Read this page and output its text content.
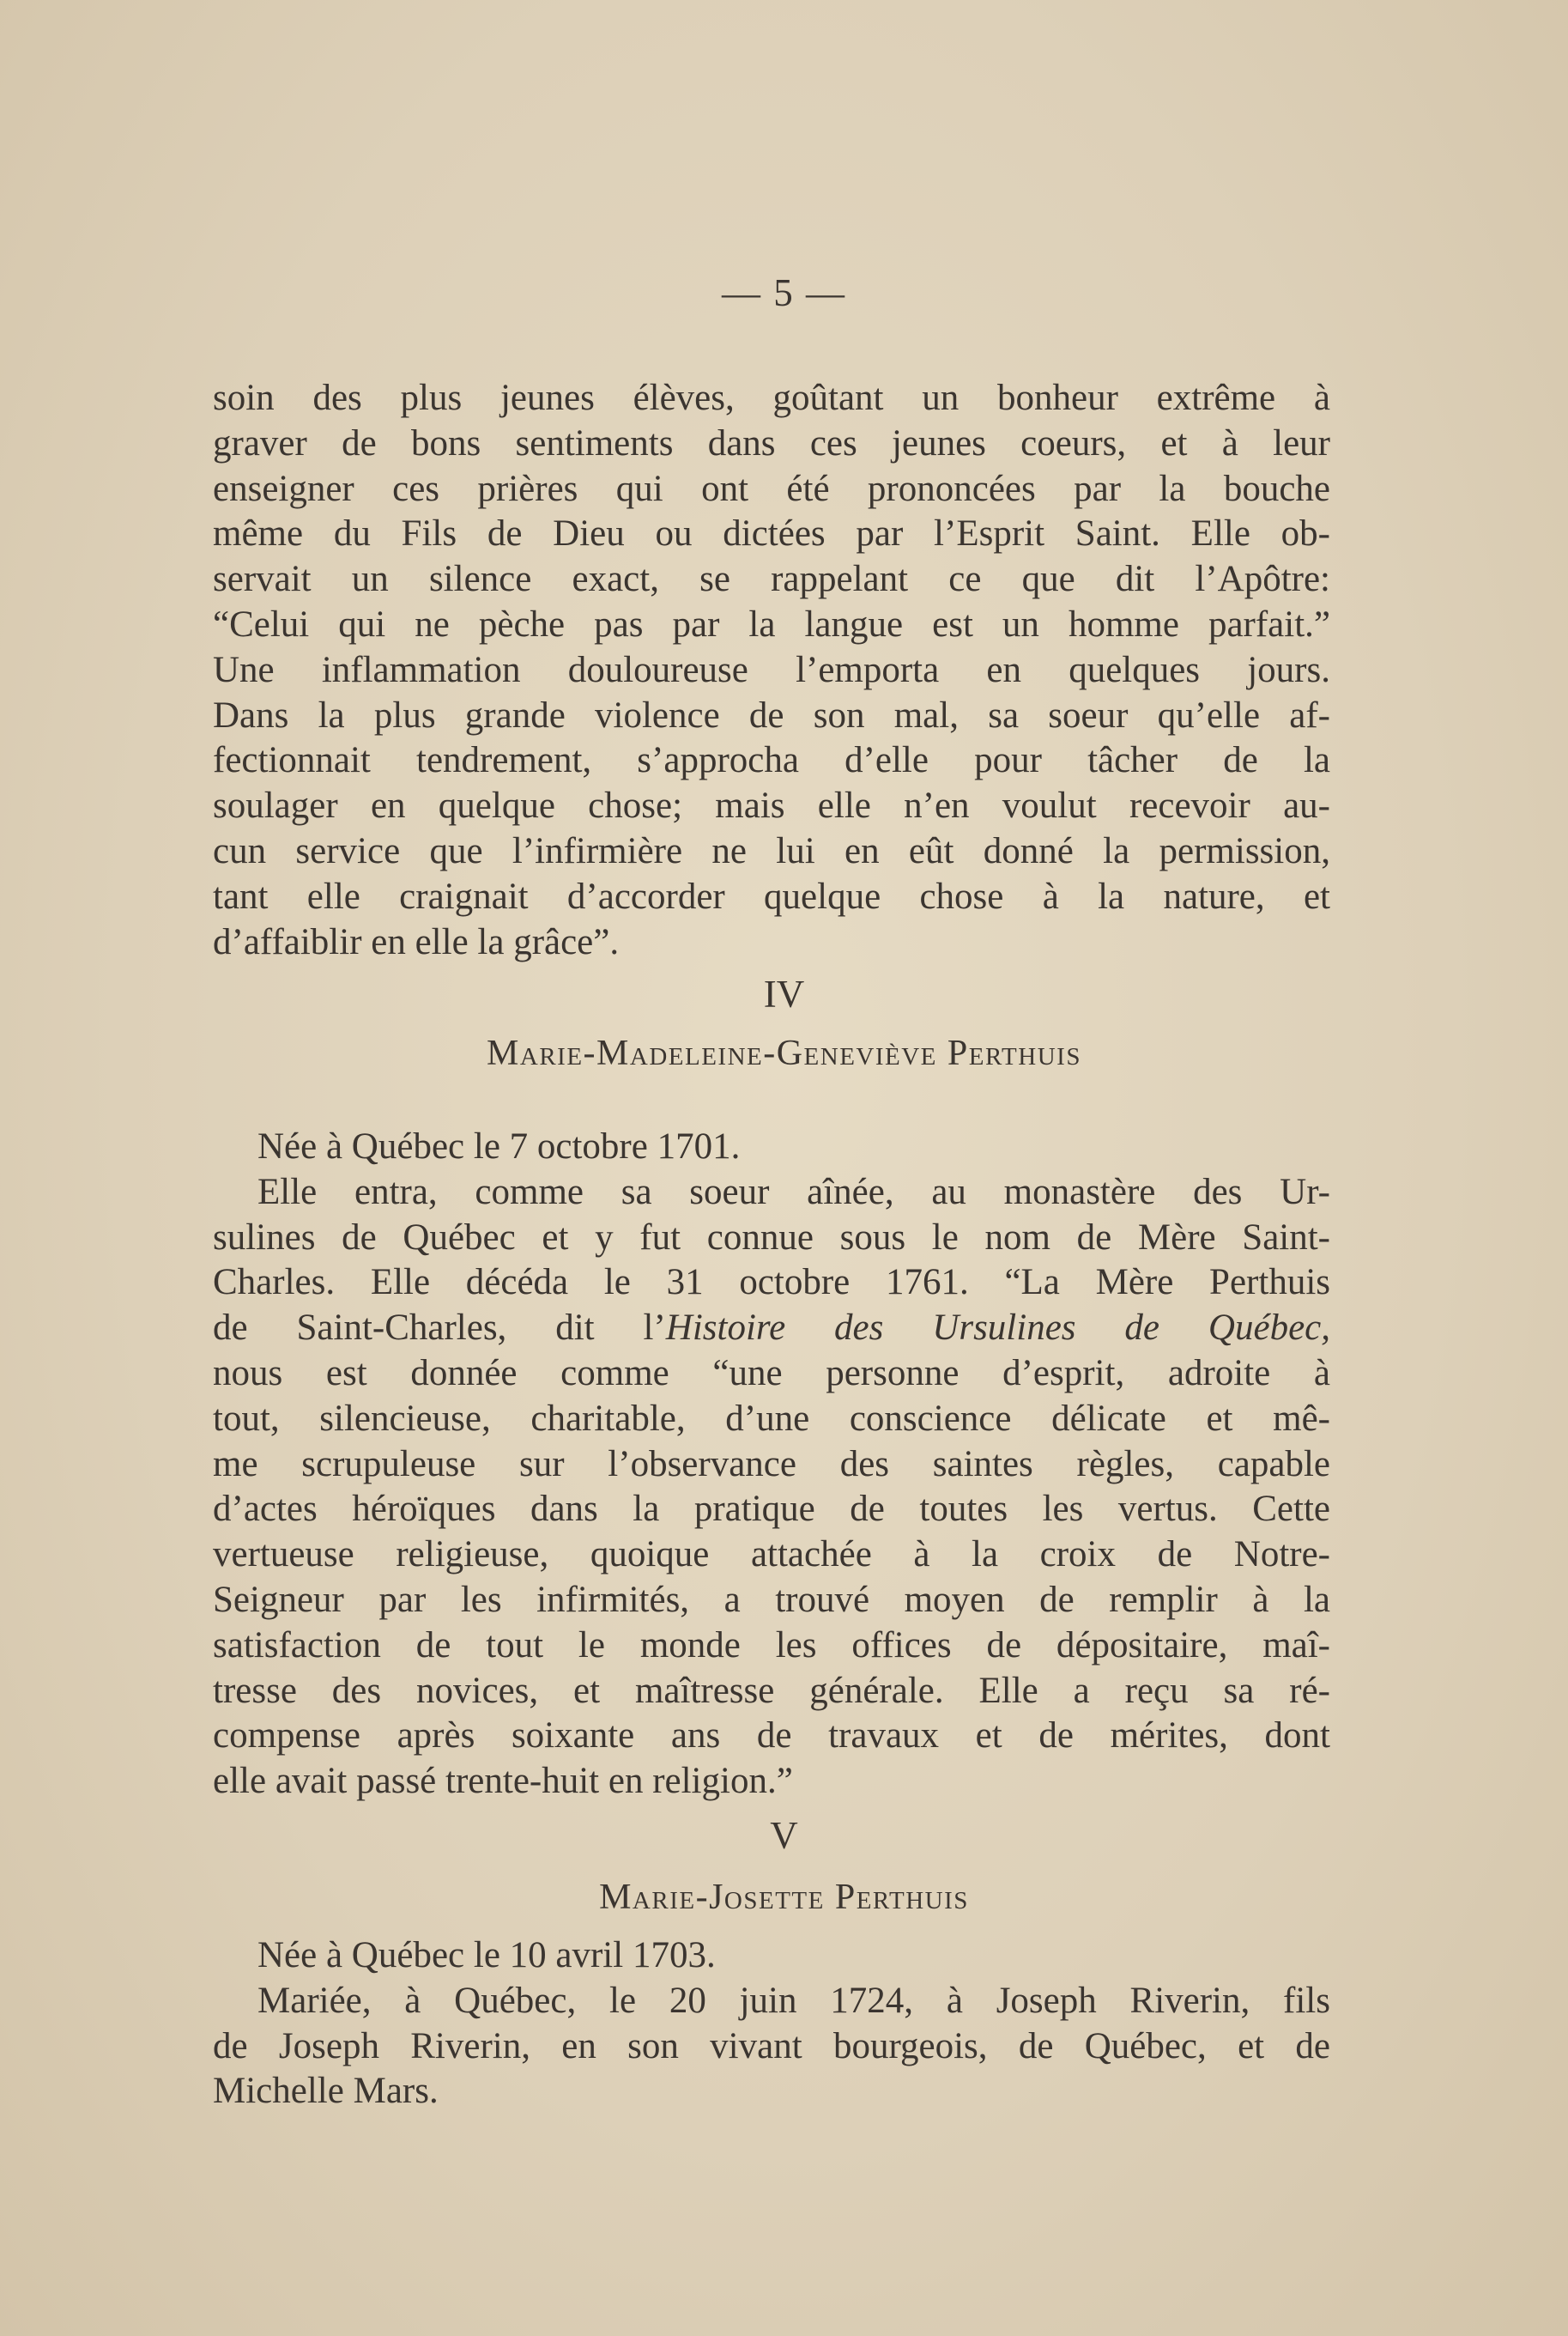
— 5 —
soin des plus jeunes élèves, goûtant un bonheur extrême à
graver de bons sentiments dans ces jeunes coeurs, et à leur
enseigner ces prières qui ont été prononcées par la bouche
même du Fils de Dieu ou dictées par l’Esprit Saint. Elle ob-
servait un silence exact, se rappelant ce que dit l’Apôtre:
“Celui qui ne pèche pas par la langue est un homme parfait.”
Une inflammation douloureuse l’emporta en quelques jours.
Dans la plus grande violence de son mal, sa soeur qu’elle af-
fectionnait tendrement, s’approcha d’elle pour tâcher de la
soulager en quelque chose; mais elle n’en voulut recevoir au-
cun service que l’infirmière ne lui en eût donné la permission,
tant elle craignait d’accorder quelque chose à la nature, et
d’affaiblir en elle la grâce”.
IV
Marie-Madeleine-Geneviève Perthuis
Née à Québec le 7 octobre 1701.
Elle entra, comme sa soeur aînée, au monastère des Ur-
sulines de Québec et y fut connue sous le nom de Mère Saint-
Charles. Elle décéda le 31 octobre 1761. “La Mère Perthuis
de Saint-Charles, dit l’Histoire des Ursulines de Québec,
nous est donnée comme “une personne d’esprit, adroite à
tout, silencieuse, charitable, d’une conscience délicate et mê-
me scrupuleuse sur l’observance des saintes règles, capable
d’actes héroïques dans la pratique de toutes les vertus. Cette
vertueuse religieuse, quoique attachée à la croix de Notre-
Seigneur par les infirmités, a trouvé moyen de remplir à la
satisfaction de tout le monde les offices de dépositaire, maî-
tresse des novices, et maîtresse générale. Elle a reçu sa ré-
compense après soixante ans de travaux et de mérites, dont
elle avait passé trente-huit en religion.”
V
Marie-Josette Perthuis
Née à Québec le 10 avril 1703.
Mariée, à Québec, le 20 juin 1724, à Joseph Riverin, fils
de Joseph Riverin, en son vivant bourgeois, de Québec, et de
Michelle Mars.
